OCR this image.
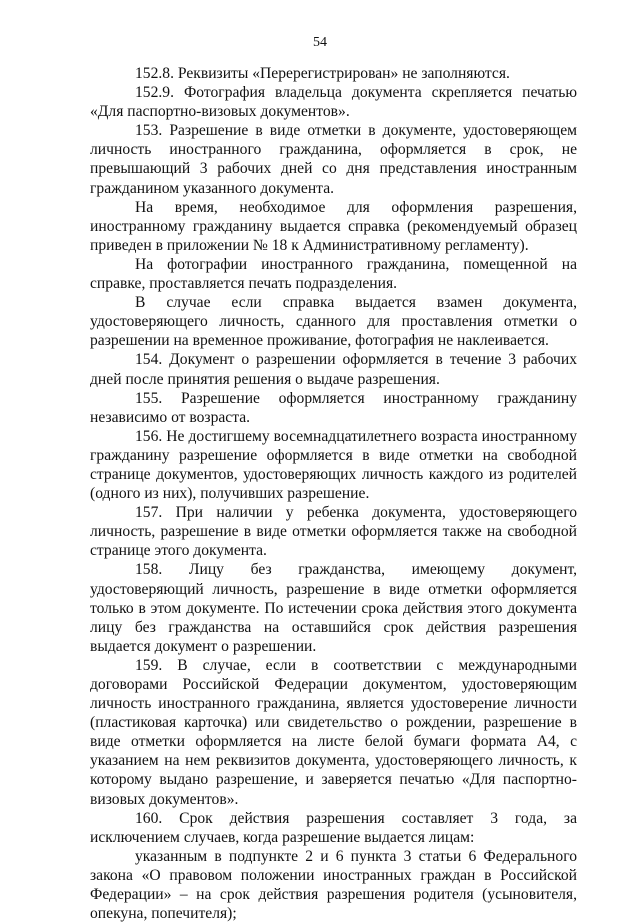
54

152.8. Реквизиты «Перерегистрирован» не заполняются.

152.9. Фотография владельца документа скрепляется печатью «Для паспортно-визовых документов».

153. Разрешение в виде отметки в документе, удостоверяющем личность иностранного гражданина, оформляется в срок, не превышающий 3 рабочих дней со дня представления иностранным гражданином указанного документа.

На время, необходимое для оформления разрешения, иностранному гражданину выдается справка (рекомендуемый образец приведен в приложении № 18 к Административному регламенту).

На фотографии иностранного гражданина, помещенной на справке, проставляется печать подразделения.

В случае если справка выдается взамен документа, удостоверяющего личность, сданного для проставления отметки о разрешении на временное проживание, фотография не наклеивается.

154. Документ о разрешении оформляется в течение 3 рабочих дней после принятия решения о выдаче разрешения.

155. Разрешение оформляется иностранному гражданину независимо от возраста.

156. Не достигшему восемнадцатилетнего возраста иностранному гражданину разрешение оформляется в виде отметки на свободной странице документов, удостоверяющих личность каждого из родителей (одного из них), получивших разрешение.

157. При наличии у ребенка документа, удостоверяющего личность, разрешение в виде отметки оформляется также на свободной странице этого документа.

158. Лицу без гражданства, имеющему документ, удостоверяющий личность, разрешение в виде отметки оформляется только в этом документе. По истечении срока действия этого документа лицу без гражданства на оставшийся срок действия разрешения выдается документ о разрешении.

159. В случае, если в соответствии с международными договорами Российской Федерации документом, удостоверяющим личность иностранного гражданина, является удостоверение личности (пластиковая карточка) или свидетельство о рождении, разрешение в виде отметки оформляется на листе белой бумаги формата А4, с указанием на нем реквизитов документа, удостоверяющего личность, к которому выдано разрешение, и заверяется печатью «Для паспортно-визовых документов».

160. Срок действия разрешения составляет 3 года, за исключением случаев, когда разрешение выдается лицам:

указанным в подпункте 2 и 6 пункта 3 статьи 6 Федерального закона «О правовом положении иностранных граждан в Российской Федерации» – на срок действия разрешения родителя (усыновителя, опекуна, попечителя);
